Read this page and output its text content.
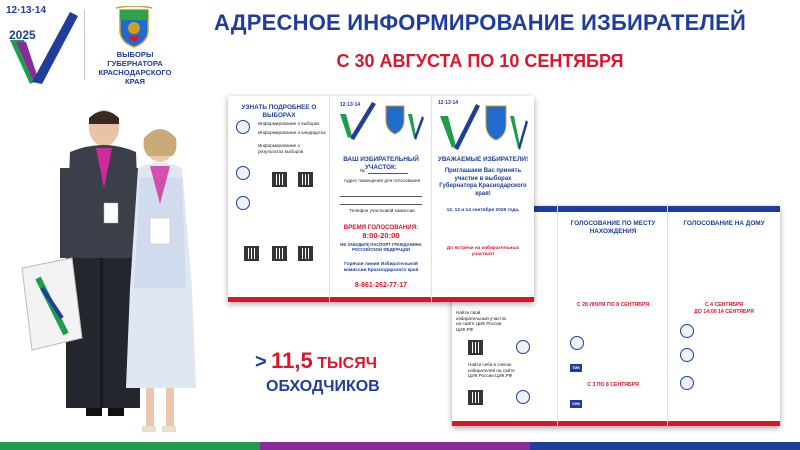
12·13·14
2025
ВЫБОРЫ
ГУБЕРНАТОРА
КРАСНОДАРСКОГО КРАЯ
АДРЕСНОЕ ИНФОРМИРОВАНИЕ ИЗБИРАТЕЛЕЙ
С 30 АВГУСТА ПО 10 СЕНТЯБРЯ
УЗНАТЬ ПОДРОБНЕЕ О ВЫБОРАХ
Информирование о выборах
Информирование о кандидатах
Информирование о результатах выборов
12·13·14
ВАШ ИЗБИРАТЕЛЬНЫЙ УЧАСТОК:
№
Адрес помещения для голосования
Телефон участковой комиссии
ВРЕМЯ ГОЛОСОВАНИЯ:
8:00-20:00
НЕ ЗАБУДЬТЕ ПАСПОРТ ГРАЖДАНИНА РОССИЙСКОЙ ФЕДЕРАЦИИ
Горячая линия Избирательной комиссии Краснодарского края
8-861-262-77-17
12·13·14
УВАЖАЕМЫЕ ИЗБИРАТЕЛИ!
Приглашаем Вас принять участие в выборах Губернатора Краснодарского края!
12, 13 и 14 сентября 2025 года,

До встречи на избирательных участках!
Найти свой избирательный участок на сайте ЦИК России ЦИК.РФ
Найти себя в списке избирателей на сайте ЦИК России ЦИК.РФ
ГОЛОСОВАНИЕ ПО МЕСТУ НАХОЖДЕНИЯ

С 28 ИЮЛЯ ПО 8 СЕНТЯБРЯ
ТИК
С 3 ПО 8 СЕНТЯБРЯ
УИК
ГОЛОСОВАНИЕ НА ДОМУ
С 4 СЕНТЯБРЯ
ДО 14:00 14 СЕНТЯБРЯ
> 11,5 ТЫСЯЧ
ОБХОДЧИКОВ
